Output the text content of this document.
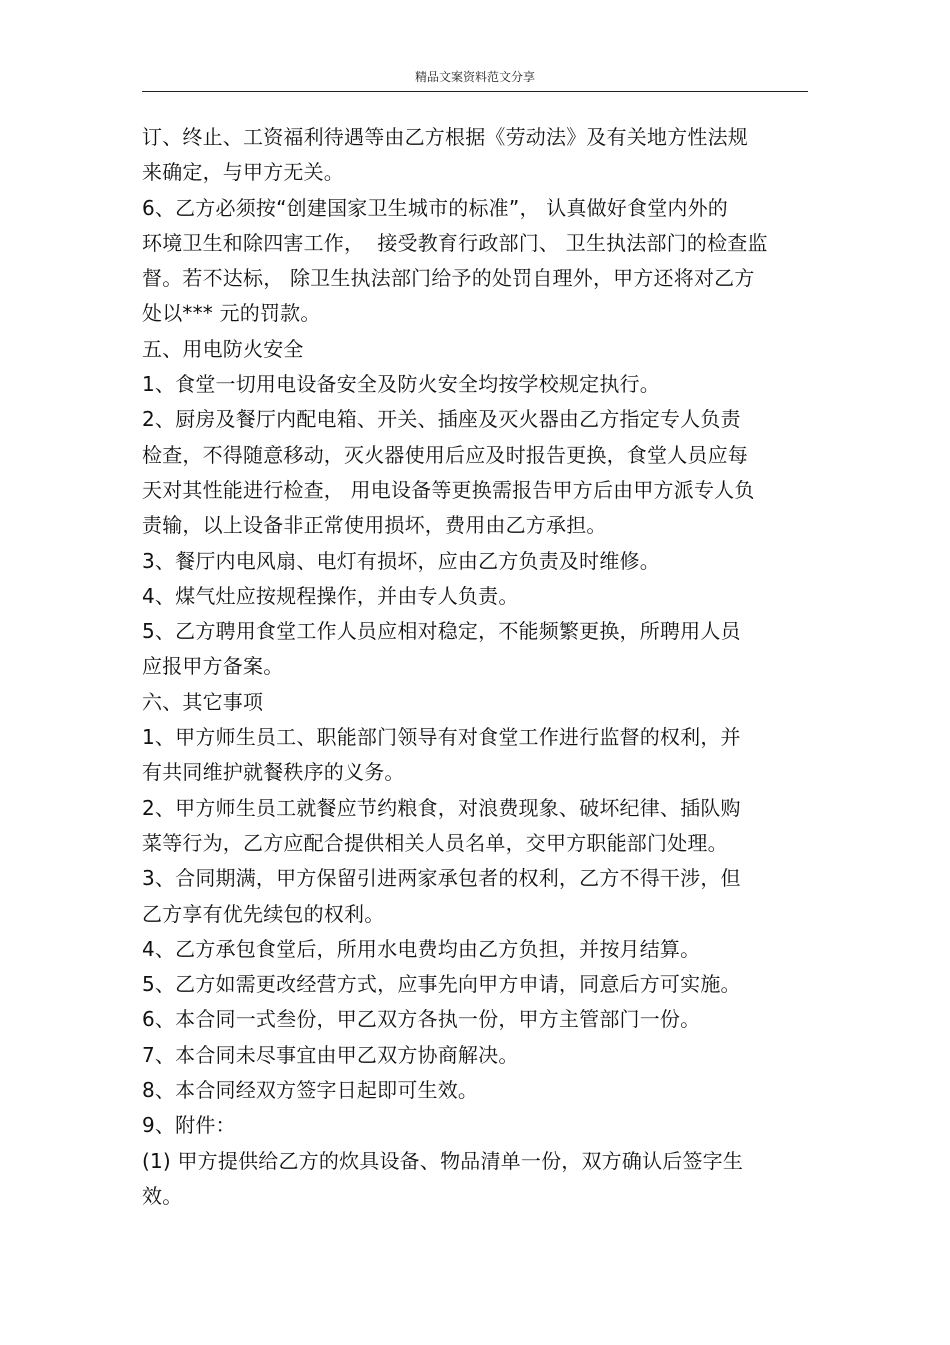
精品文案资料范文分享
订、终止、工资福利待遇等由乙方根据《劳动法》及有关地方性法规
来确定，与甲方无关。
6、乙方必须按“创建国家卫生城市的标准”， 认真做好食堂内外的
环境卫生和除四害工作，  接受教育行政部门、 卫生执法部门的检查监
督。若不达标， 除卫生执法部门给予的处罚自理外，甲方还将对乙方
处以*** 元的罚款。
五、用电防火安全
1、食堂一切用电设备安全及防火安全均按学校规定执行。
2、厨房及餐厅内配电箱、开关、插座及灭火器由乙方指定专人负责
检查，不得随意移动，灭火器使用后应及时报告更换，食堂人员应每
天对其性能进行检查， 用电设备等更换需报告甲方后由甲方派专人负
责输，以上设备非正常使用损坏，费用由乙方承担。
3、餐厅内电风扇、电灯有损坏，应由乙方负责及时维修。
4、煤气灶应按规程操作，并由专人负责。
5、乙方聘用食堂工作人员应相对稳定，不能频繁更换，所聘用人员
应报甲方备案。
六、其它事项
1、甲方师生员工、职能部门领导有对食堂工作进行监督的权利，并
有共同维护就餐秩序的义务。
2、甲方师生员工就餐应节约粮食，对浪费现象、破坏纪律、插队购
菜等行为，乙方应配合提供相关人员名单，交甲方职能部门处理。
3、合同期满，甲方保留引进两家承包者的权利，乙方不得干涉，但
乙方享有优先续包的权利。
4、乙方承包食堂后，所用水电费均由乙方负担，并按月结算。
5、乙方如需更改经营方式，应事先向甲方申请，同意后方可实施。
6、本合同一式叁份，甲乙双方各执一份，甲方主管部门一份。
7、本合同未尽事宜由甲乙双方协商解决。
8、本合同经双方签字日起即可生效。
9、附件：
(1) 甲方提供给乙方的炊具设备、物品清单一份，双方确认后签字生
效。
